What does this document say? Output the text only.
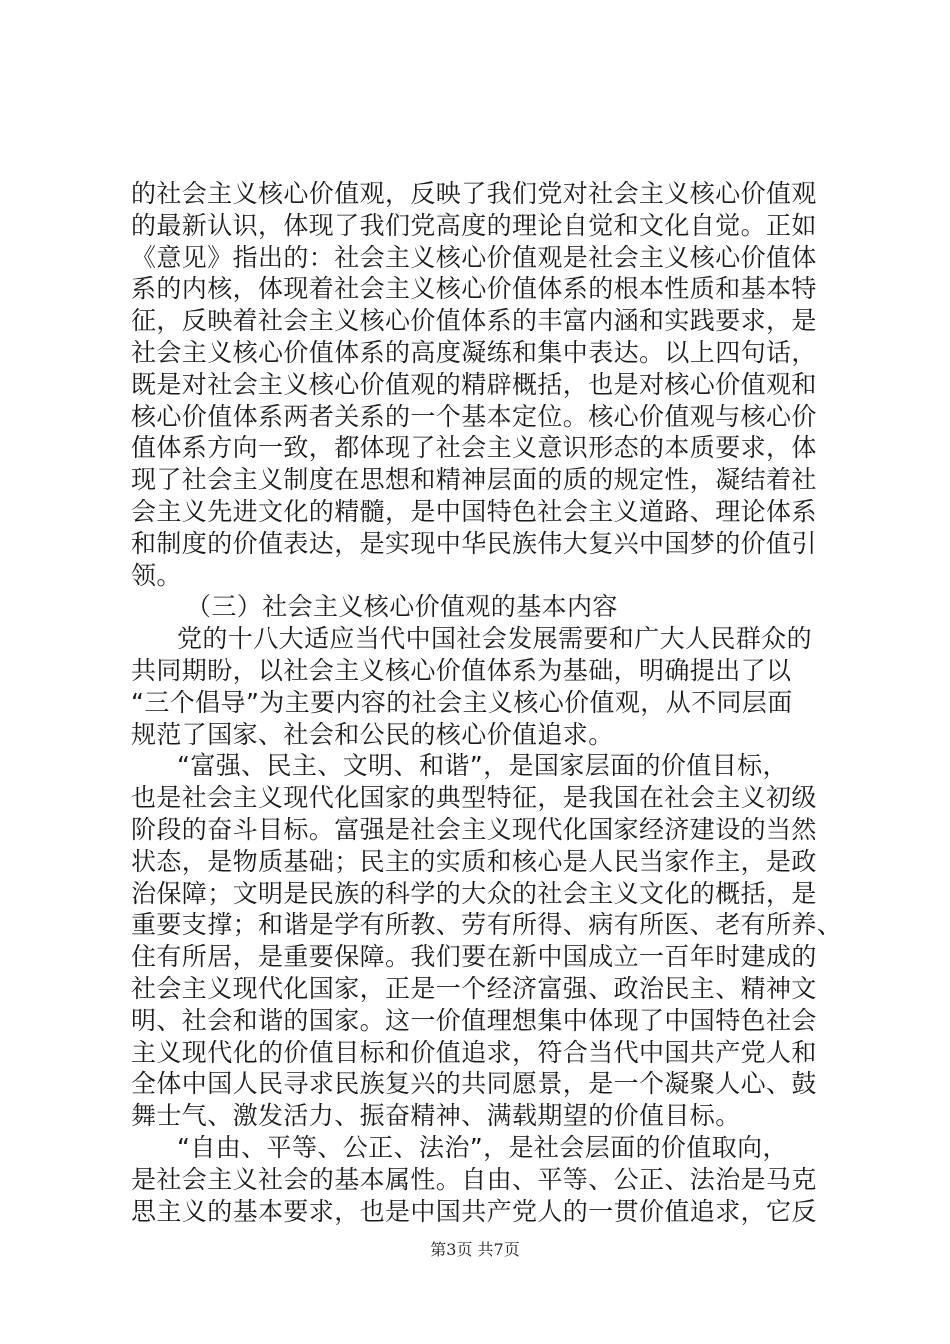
的社会主义核心价值观，反映了我们党对社会主义核心价值观
的最新认识，体现了我们党高度的理论自觉和文化自觉。正如
《意见》指出的：社会主义核心价值观是社会主义核心价值体
系的内核，体现着社会主义核心价值体系的根本性质和基本特
征，反映着社会主义核心价值体系的丰富内涵和实践要求，是
社会主义核心价值体系的高度凝练和集中表达。以上四句话，
既是对社会主义核心价值观的精辟概括，也是对核心价值观和
核心价值体系两者关系的一个基本定位。核心价值观与核心价
值体系方向一致，都体现了社会主义意识形态的本质要求，体
现了社会主义制度在思想和精神层面的质的规定性，凝结着社
会主义先进文化的精髓，是中国特色社会主义道路、理论体系
和制度的价值表达，是实现中华民族伟大复兴中国梦的价值引
领。
（三）社会主义核心价值观的基本内容
党的十八大适应当代中国社会发展需要和广大人民群众的
共同期盼，以社会主义核心价值体系为基础，明确提出了以
“三个倡导”为主要内容的社会主义核心价值观，从不同层面
规范了国家、社会和公民的核心价值追求。
“富强、民主、文明、和谐”，是国家层面的价值目标，
也是社会主义现代化国家的典型特征，是我国在社会主义初级
阶段的奋斗目标。富强是社会主义现代化国家经济建设的当然
状态，是物质基础；民主的实质和核心是人民当家作主，是政
治保障；文明是民族的科学的大众的社会主义文化的概括，是
重要支撑；和谐是学有所教、劳有所得、病有所医、老有所养、
住有所居，是重要保障。我们要在新中国成立一百年时建成的
社会主义现代化国家，正是一个经济富强、政治民主、精神文
明、社会和谐的国家。这一价值理想集中体现了中国特色社会
主义现代化的价值目标和价值追求，符合当代中国共产党人和
全体中国人民寻求民族复兴的共同愿景，是一个凝聚人心、鼓
舞士气、激发活力、振奋精神、满载期望的价值目标。
“自由、平等、公正、法治”，是社会层面的价值取向，
是社会主义社会的基本属性。自由、平等、公正、法治是马克
思主义的基本要求，也是中国共产党人的一贯价值追求，它反
第3页 共7页
